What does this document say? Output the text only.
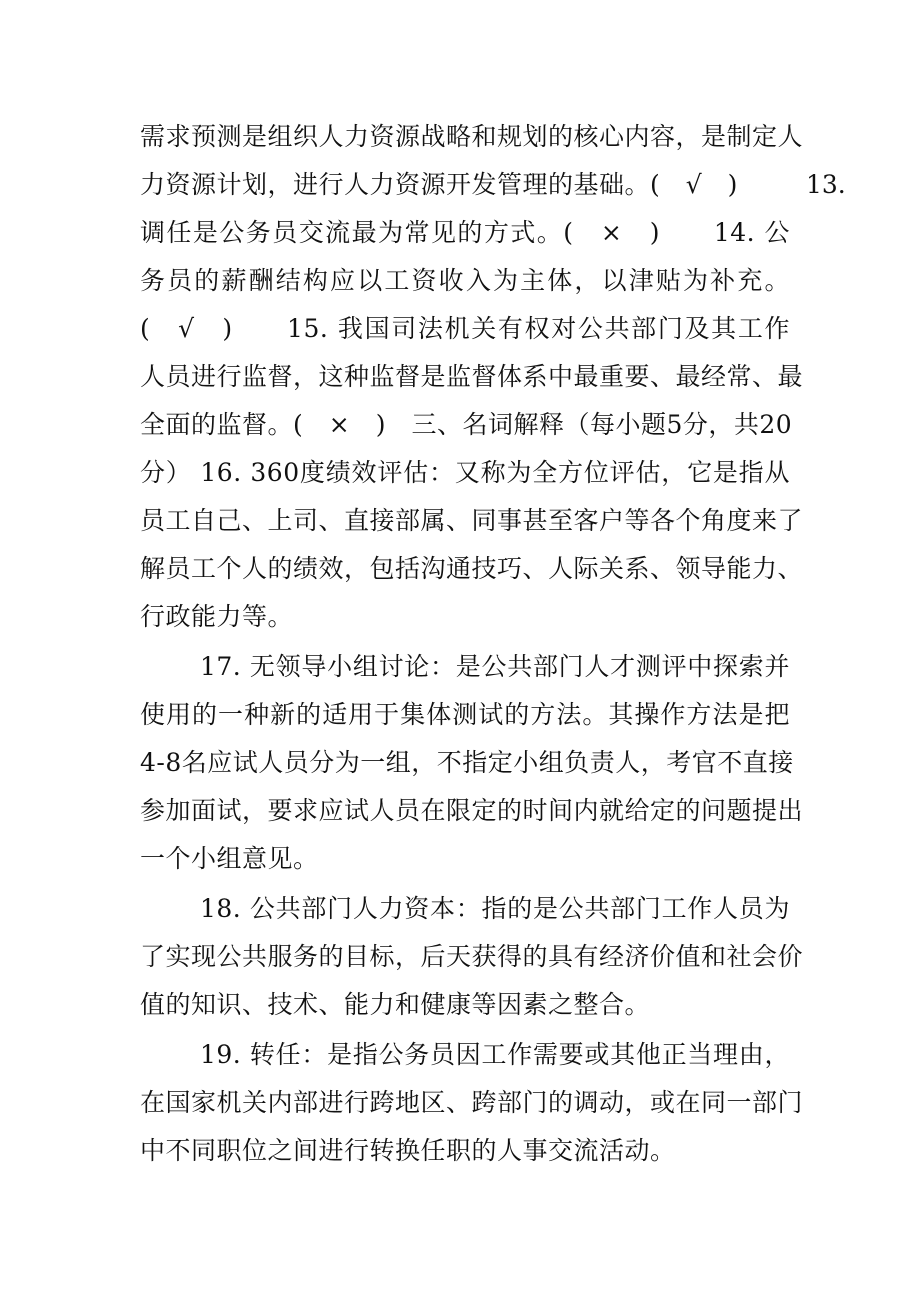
需求预测是组织人力资源战略和规划的核心内容，是制定人
力资源计划，进行人力资源开发管理的基础。(　√　)	13.
调任是公务员交流最为常见的方式。(　×　)　　14. 公
务员的薪酬结构应以工资收入为主体，以津贴为补充。
(　√　)　　15. 我国司法机关有权对公共部门及其工作
人员进行监督，这种监督是监督体系中最重要、最经常、最
全面的监督。(　×　)　三、名词解释（每小题5分，共20
分） 16. 360度绩效评估：又称为全方位评估，它是指从
员工自己、上司、直接部属、同事甚至客户等各个角度来了
解员工个人的绩效，包括沟通技巧、人际关系、领导能力、
行政能力等。
17. 无领导小组讨论：是公共部门人才测评中探索并
使用的一种新的适用于集体测试的方法。其操作方法是把
4-8名应试人员分为一组，不指定小组负责人，考官不直接
参加面试，要求应试人员在限定的时间内就给定的问题提出
一个小组意见。
18. 公共部门人力资本：指的是公共部门工作人员为
了实现公共服务的目标，后天获得的具有经济价值和社会价
值的知识、技术、能力和健康等因素之整合。
19. 转任：是指公务员因工作需要或其他正当理由，
在国家机关内部进行跨地区、跨部门的调动，或在同一部门
中不同职位之间进行转换任职的人事交流活动。
